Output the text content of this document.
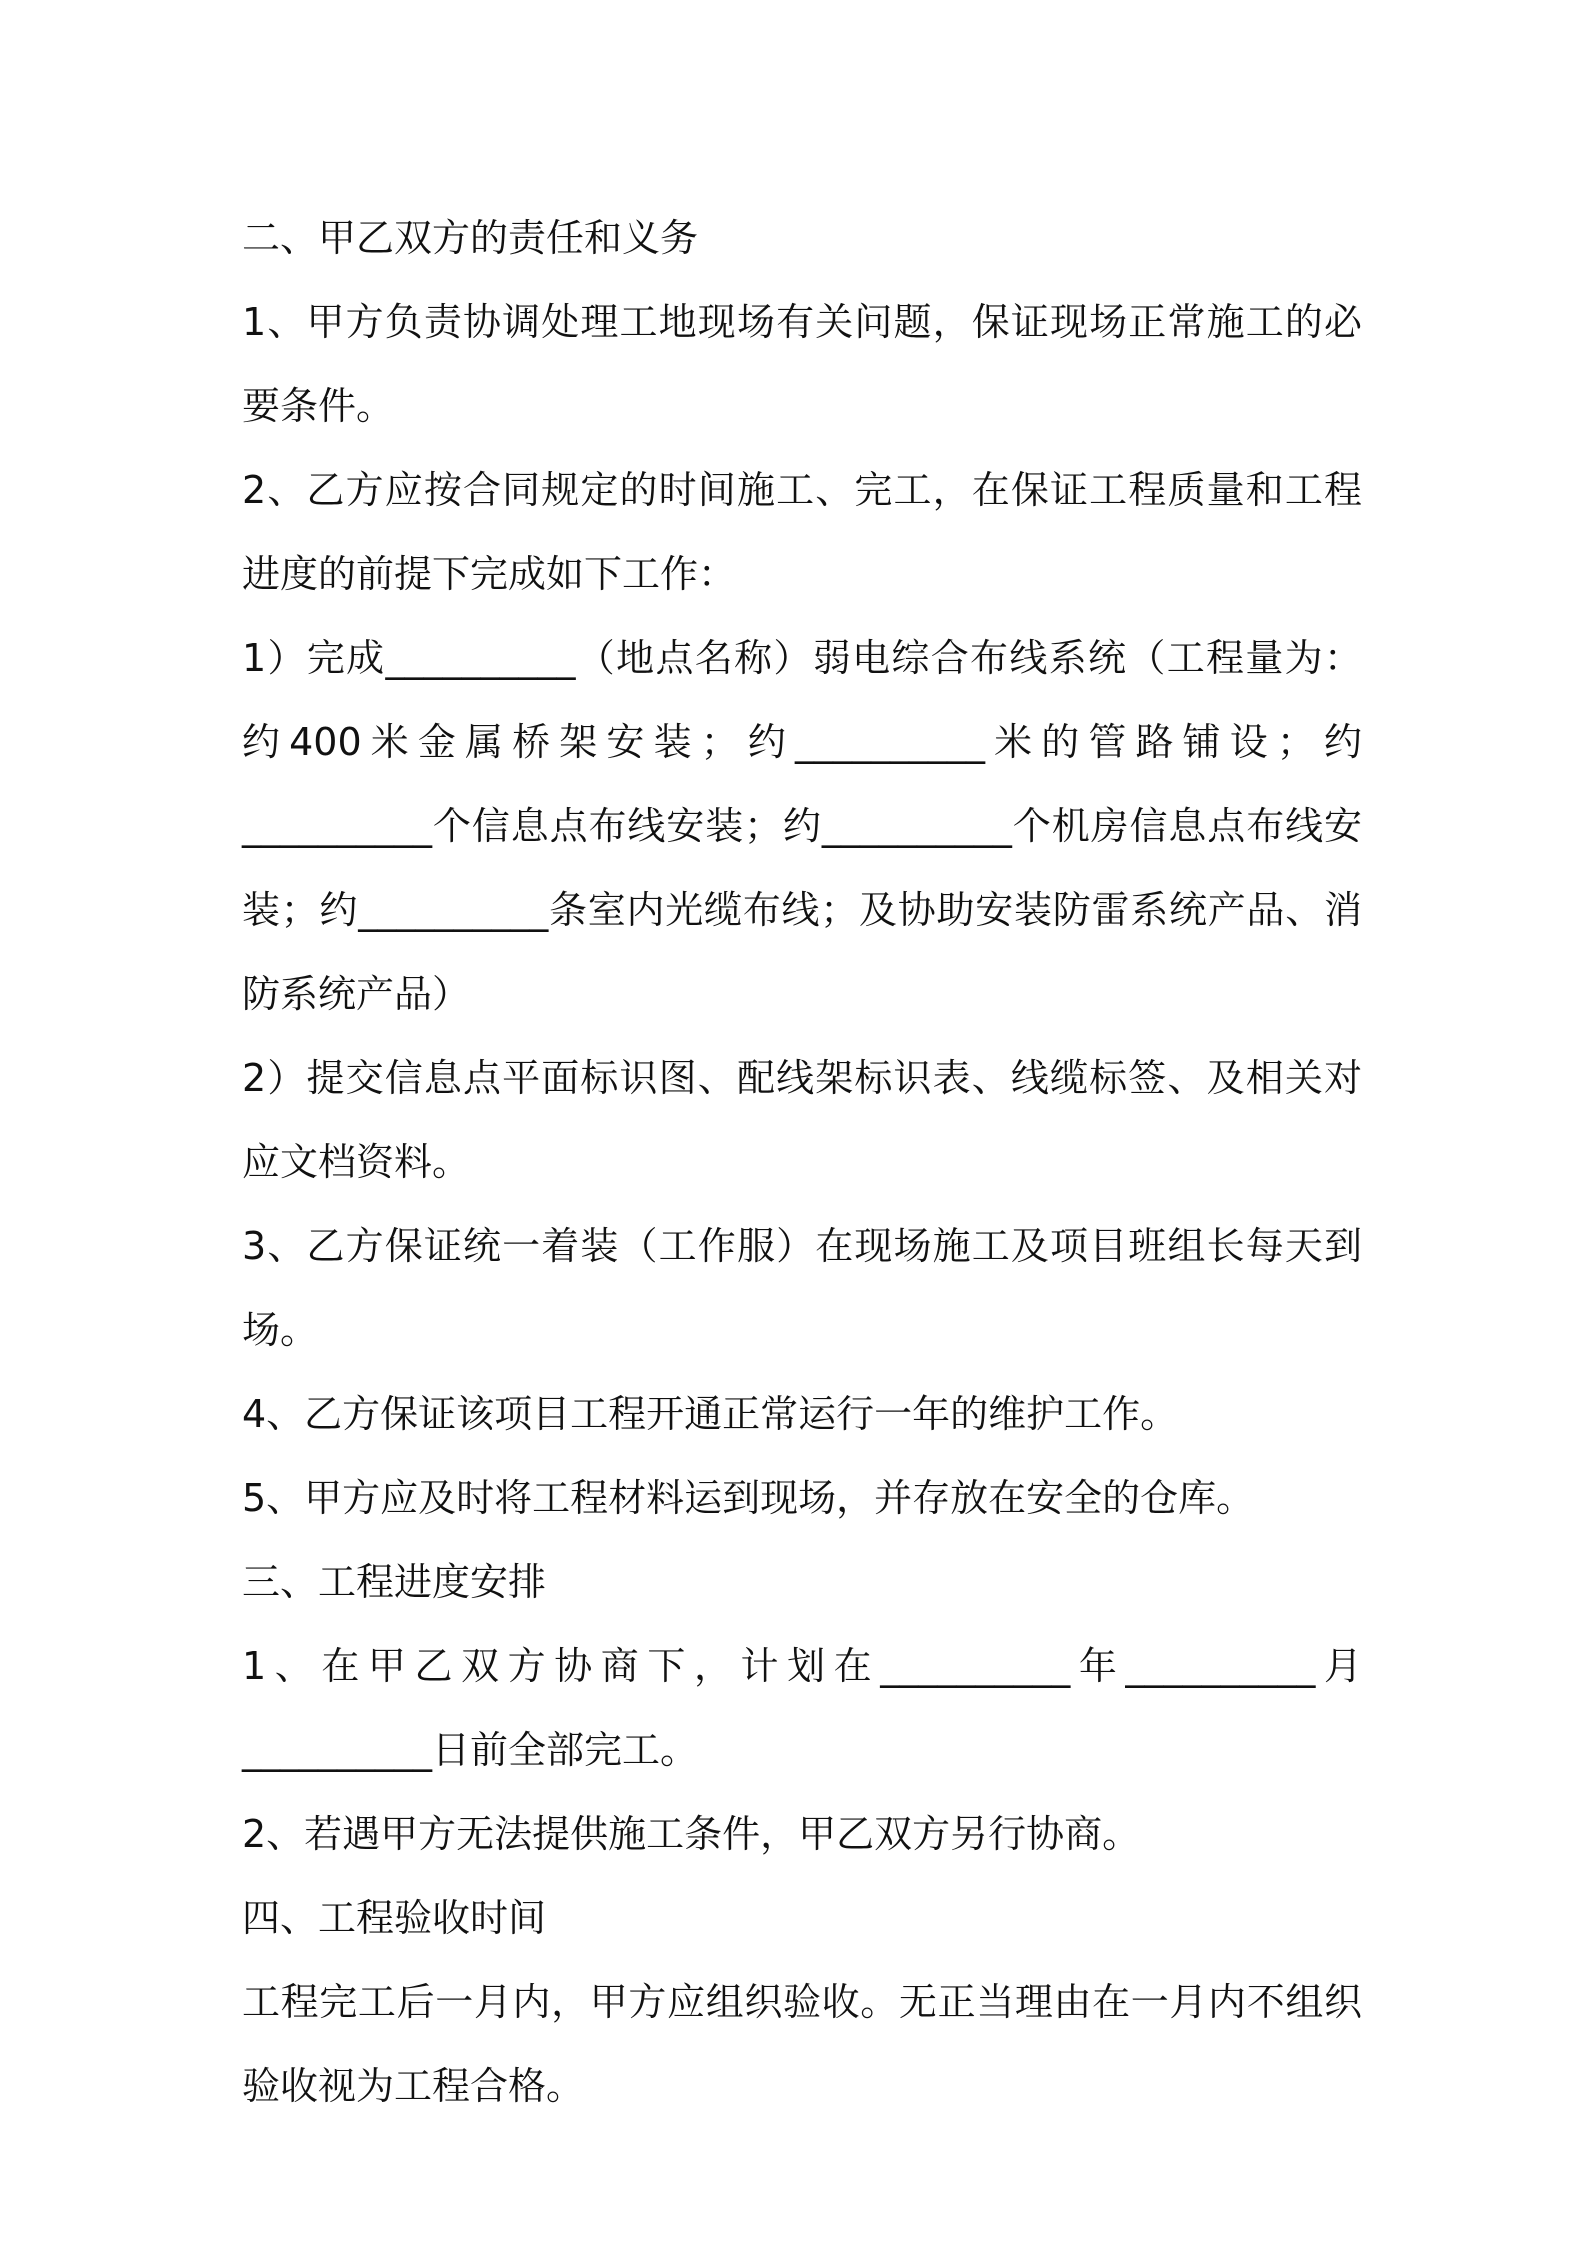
二、甲乙双方的责任和义务

1、甲方负责协调处理工地现场有关问题，保证现场正常施工的必要条件。

2、乙方应按合同规定的时间施工、完工，在保证工程质量和工程进度的前提下完成如下工作：

1）完成__________（地点名称）弱电综合布线系统（工程量为：约400米金属桥架安装；约__________米的管路铺设；约__________个信息点布线安装；约__________个机房信息点布线安装；约__________条室内光缆布线；及协助安装防雷系统产品、消防系统产品）

2）提交信息点平面标识图、配线架标识表、线缆标签、及相关对应文档资料。

3、乙方保证统一着装（工作服）在现场施工及项目班组长每天到场。

4、乙方保证该项目工程开通正常运行一年的维护工作。

5、甲方应及时将工程材料运到现场，并存放在安全的仓库。

三、工程进度安排

1、在甲乙双方协商下，计划在__________年__________月__________日前全部完工。

2、若遇甲方无法提供施工条件，甲乙双方另行协商。

四、工程验收时间

工程完工后一月内，甲方应组织验收。无正当理由在一月内不组织验收视为工程合格。
